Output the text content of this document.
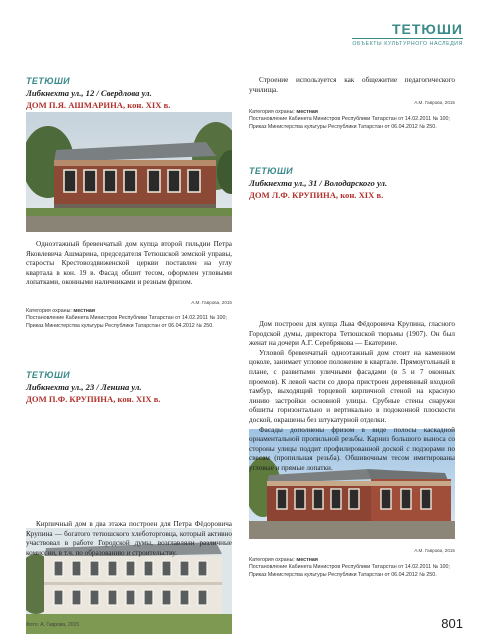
ТЕТЮШИ
ОБЪЕКТЫ КУЛЬТУРНОГО НАСЛЕДИЯ
ТЕТЮШИ
Либкнехта ул., 12 / Свердлова ул.
ДОМ П.Я. АШМАРИНА, кон. XIX в.

Одноэтажный бревенчатый дом купца второй гильдии Петра Яковлевича Ашмарина, председателя Тетюшской земской управы, старосты Крестовоздвиженской церкви поставлен на углу квартала в кон. 19 в. Фасад обшит тесом, оформлен угловыми лопатками, оконными наличниками и резным фризом.

А.М. Гаврова, 2015
Категория охраны: местная
Постановление Кабинета Министров Республики Татарстан от 14.02.2011 № 100; Приказ Министерства культуры Республики Татарстан от 06.04.2012 № 250.
ТЕТЮШИ
Либкнехта ул., 23 / Ленина ул.
ДОМ П.Ф. КРУПИНА, кон. XIX в.

Кирпичный дом в два этажа построен для Петра Фёдоровича Крупина — богатого тетюшского хлеботорговца, который активно участвовал в работе Городской думы, возглавляли различные комиссии, в т.ч. по образованию и строительству.

Строение используется как общежитие педагогического училища.

А.М. Гаврова, 2015
Категория охраны: местная
Постановление Кабинета Министров Республики Татарстан от 14.02.2011 № 100; Приказ Министерства культуры Республики Татарстан от 06.04.2012 № 250.
ТЕТЮШИ
Либкнехта ул., 31 / Володарского ул.
ДОМ Л.Ф. КРУПИНА, кон. XIX в.

Дом построен для купца Льва Фёдоровича Крупина, гласного Городской думы, директора Тетюшской тюрьмы (1907). Он был женат на дочери А.Г. Серебрякова — Екатерине.

Угловой бревенчатый одноэтажный дом стоит на каменном цоколе, занимает угловое положение в квартале. Прямоугольный в плане, с развитыми уличными фасадами (в 5 и 7 оконных проемов). К левой части со двора пристроен деревянный входной тамбур, выходящий торцевой кирпичной стеной на красную линию застройки основной улицы. Срубные стены снаружи обшиты горизонтально и вертикально в подоконной плоскости доской, окрашены без штукатурной отделки.

Фасады дополнены фризом в виде полосы каскадной орнаментальной пропильной резьбы. Карниз большого выноса со стороны улицы поддит профилированной доской с подзорами по свесам (пропильная резьба). Обшивочным тесом имитированы угловые и прямые лопатки.

А.М. Гаврова, 2015
Категория охраны: местная
Постановление Кабинета Министров Республики Татарстан от 14.02.2011 № 100; Приказ Министерства культуры Республики Татарстан от 06.04.2012 № 250.
Фото: А. Гаврова, 2015	801
